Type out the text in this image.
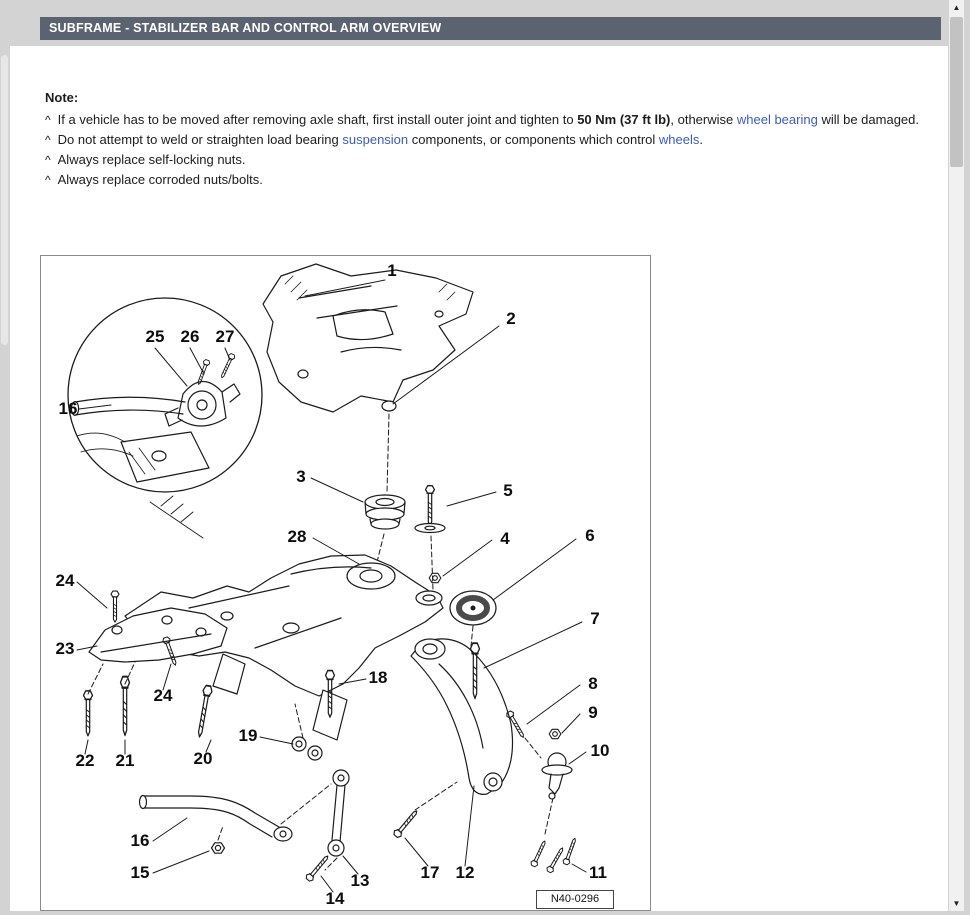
SUBFRAME - STABILIZER BAR AND CONTROL ARM OVERVIEW
Note:
^ If a vehicle has to be moved after removing axle shaft, first install outer joint and tighten to 50 Nm (37 ft lb), otherwise wheel bearing will be damaged.
^ Do not attempt to weld or straighten load bearing suspension components, or components which control wheels.
^ Always replace self-locking nuts.
^ Always replace corroded nuts/bolts.
1
2
25 26 27
16
3
5
28	4	6
24
23
7
24
18	8
9
19
20
22 21
10
16
15	13
14
17 12	11
N40-0296
▲
▼
